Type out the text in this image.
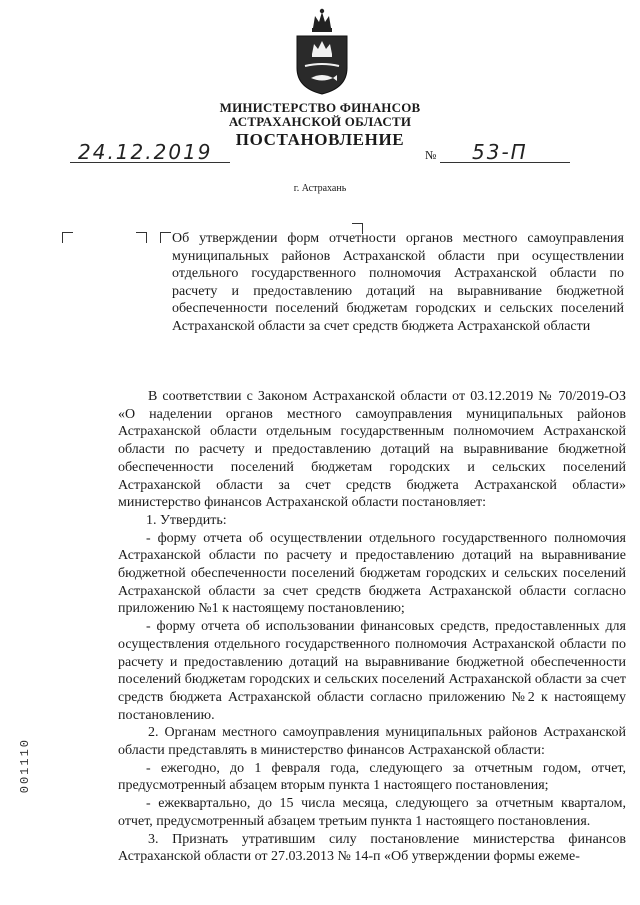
МИНИСТЕРСТВО ФИНАНСОВ
АСТРАХАНСКОЙ ОБЛАСТИ
ПОСТАНОВЛЕНИЕ
24.12.2019	№ 53-П
г. Астрахань
Об утверждении форм отчетности органов местного самоуправления муниципальных районов Астраханской области при осуществлении отдельного государственного полномочия Астраханской области по расчету и предоставлению дотаций на выравнивание бюджетной обеспеченности поселений бюджетам городских и сельских поселений Астраханской области за счет средств бюджета Астраханской области

В соответствии с Законом Астраханской области от 03.12.2019 № 70/2019-ОЗ «О наделении органов местного самоуправления муниципальных районов Астраханской области отдельным государственным полномочием Астраханской области по расчету и предоставлению дотаций на выравнивание бюджетной обеспеченности поселений бюджетам городских и сельских поселений Астраханской области за счет средств бюджета Астраханской области» министерство финансов Астраханской области постановляет:

1. Утвердить:

- форму отчета об осуществлении отдельного государственного полномочия Астраханской области по расчету и предоставлению дотаций на выравнивание бюджетной обеспеченности поселений бюджетам городских и сельских поселений Астраханской области за счет средств бюджета Астраханской области согласно приложению №1 к настоящему постановлению;

- форму отчета об использовании финансовых средств, предоставленных для осуществления отдельного государственного полномочия Астраханской области по расчету и предоставлению дотаций на выравнивание бюджетной обеспеченности поселений бюджетам городских и сельских поселений Астраханской области за счет средств бюджета Астраханской области согласно приложению №2 к настоящему постановлению.

2. Органам местного самоуправления муниципальных районов Астраханской области представлять в министерство финансов Астраханской области:

- ежегодно, до 1 февраля года, следующего за отчетным годом, отчет, предусмотренный абзацем вторым пункта 1 настоящего постановления;

- ежеквартально, до 15 числа месяца, следующего за отчетным кварталом, отчет, предусмотренный абзацем третьим пункта 1 настоящего постановления.

3. Признать утратившим силу постановление министерства финансов Астраханской области от 27.03.2013 № 14-п «Об утверждении формы ежеме-

001110
